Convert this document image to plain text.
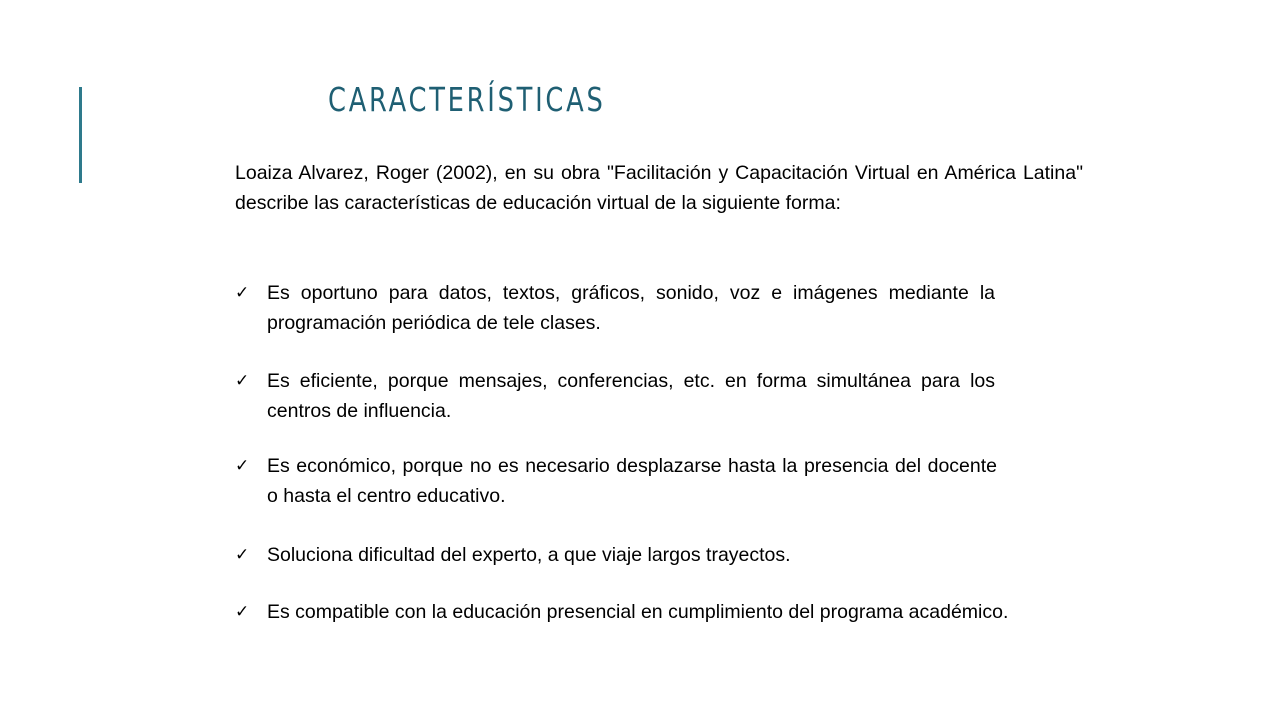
CARACTERÍSTICAS

Loaiza Alvarez, Roger (2002), en su obra "Facilitación y Capacitación Virtual en América Latina" describe las características de educación virtual de la siguiente forma:

✓ Es oportuno para datos, textos, gráficos, sonido, voz e imágenes mediante la programación periódica de tele clases.
✓ Es eficiente, porque mensajes, conferencias, etc. en forma simultánea para los centros de influencia.
✓ Es económico, porque no es necesario desplazarse hasta la presencia del docente o hasta el centro educativo.
✓ Soluciona dificultad del experto, a que viaje largos trayectos.
✓ Es compatible con la educación presencial en cumplimiento del programa académico.
